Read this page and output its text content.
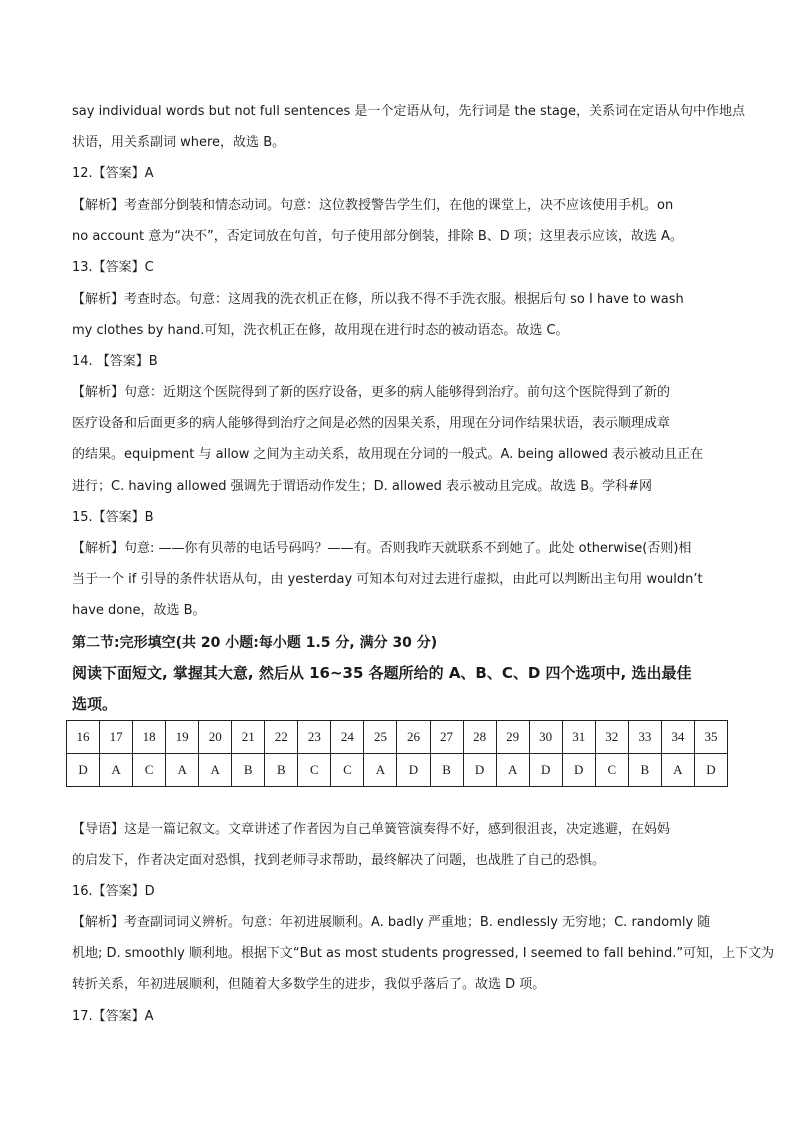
say individual words but not full sentences 是一个定语从句，先行词是 the stage，关系词在定语从句中作地点
状语，用关系副词 where，故选 B。
12.【答案】A
【解析】考查部分倒装和情态动词。句意：这位教授警告学生们，在他的课堂上，决不应该使用手机。on
no account 意为“决不”，否定词放在句首，句子使用部分倒装，排除 B、D 项；这里表示应该，故选 A。
13.【答案】C
【解析】考查时态。句意：这周我的洗衣机正在修，所以我不得不手洗衣服。根据后句 so I have to wash
my clothes by hand.可知，洗衣机正在修，故用现在进行时态的被动语态。故选 C。
14. 【答案】B
【解析】句意：近期这个医院得到了新的医疗设备，更多的病人能够得到治疗。前句这个医院得到了新的
医疗设备和后面更多的病人能够得到治疗之间是必然的因果关系，用现在分词作结果状语，表示顺理成章
的结果。equipment 与 allow 之间为主动关系，故用现在分词的一般式。A. being allowed 表示被动且正在
进行；C. having allowed 强调先于谓语动作发生；D. allowed 表示被动且完成。故选 B。学科#网
15.【答案】B
【解析】句意: ——你有贝蒂的电话号码吗？——有。否则我昨天就联系不到她了。此处 otherwise(否则)相
当于一个 if 引导的条件状语从句，由 yesterday 可知本句对过去进行虚拟，由此可以判断出主句用 wouldn’t
have done，故选 B。
第二节:完形填空(共 20 小题:每小题 1.5 分, 满分 30 分)
阅读下面短文, 掌握其大意, 然后从 16~35 各题所给的 A、B、C、D 四个选项中, 选出最佳
选项。
16	17	18	19	20	21	22	23	24	25	26	27	28	29	30	31	32	33	34	35
D	A	C	A	A	B	B	C	C	A	D	B	D	A	D	D	C	B	A	D
【导语】这是一篇记叙文。文章讲述了作者因为自己单簧管演奏得不好，感到很沮丧，决定逃避，在妈妈
的启发下，作者决定面对恐惧，找到老师寻求帮助，最终解决了问题，也战胜了自己的恐惧。
16.【答案】D
【解析】考查副词词义辨析。句意：年初进展顺利。A. badly 严重地；B. endlessly 无穷地；C. randomly 随
机地; D. smoothly 顺利地。根据下文“But as most students progressed, I seemed to fall behind.”可知，上下文为
转折关系，年初进展顺利，但随着大多数学生的进步，我似乎落后了。故选 D 项。
17.【答案】A
